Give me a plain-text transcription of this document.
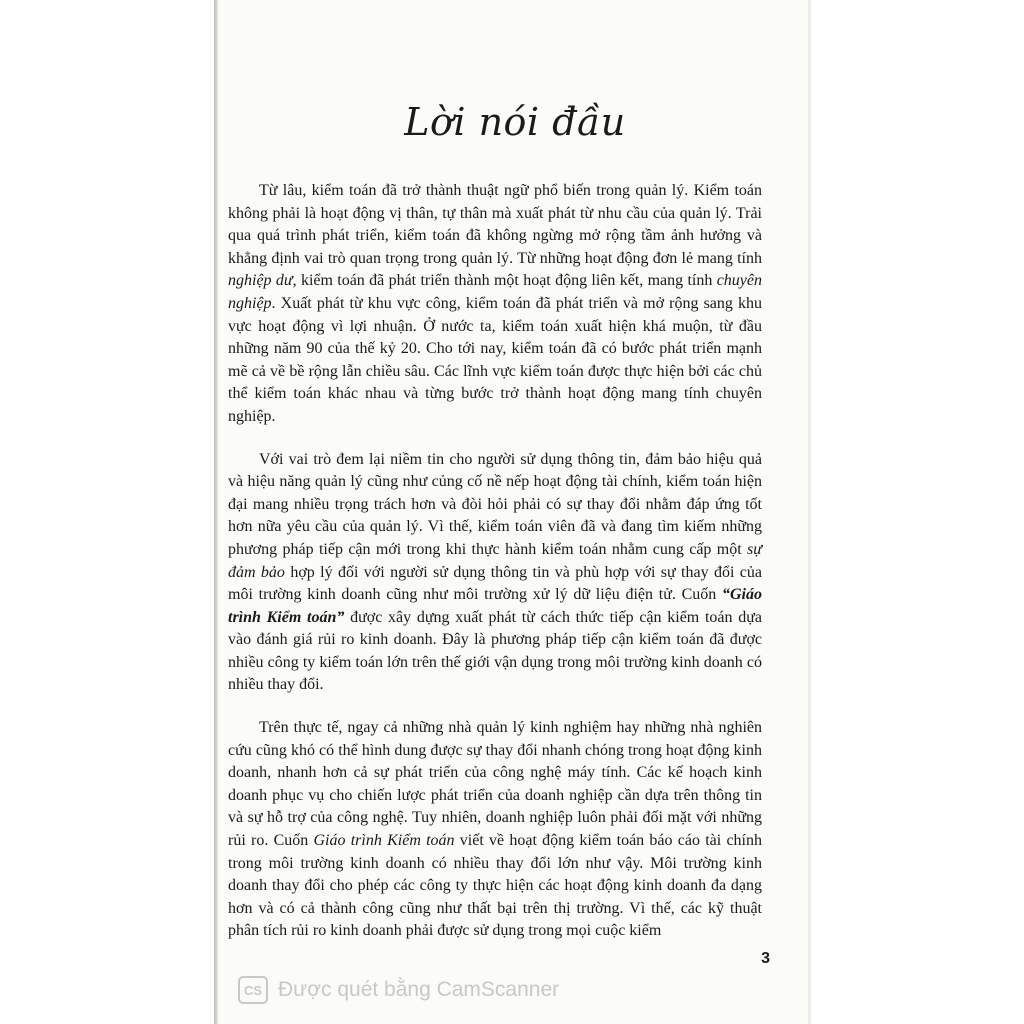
Lời nói đầu

Từ lâu, kiểm toán đã trở thành thuật ngữ phổ biến trong quản lý. Kiểm toán không phải là hoạt động vị thân, tự thân mà xuất phát từ nhu cầu của quản lý. Trải qua quá trình phát triển, kiểm toán đã không ngừng mở rộng tầm ảnh hưởng và khẳng định vai trò quan trọng trong quản lý. Từ những hoạt động đơn lẻ mang tính nghiệp dư, kiểm toán đã phát triển thành một hoạt động liên kết, mang tính chuyên nghiệp. Xuất phát từ khu vực công, kiểm toán đã phát triển và mở rộng sang khu vực hoạt động vì lợi nhuận. Ở nước ta, kiểm toán xuất hiện khá muộn, từ đầu những năm 90 của thế kỷ 20. Cho tới nay, kiểm toán đã có bước phát triển mạnh mẽ cả về bề rộng lẫn chiều sâu. Các lĩnh vực kiểm toán được thực hiện bởi các chủ thể kiểm toán khác nhau và từng bước trở thành hoạt động mang tính chuyên nghiệp.

Với vai trò đem lại niềm tin cho người sử dụng thông tin, đảm bảo hiệu quả và hiệu năng quản lý cũng như củng cố nề nếp hoạt động tài chính, kiểm toán hiện đại mang nhiều trọng trách hơn và đòi hỏi phải có sự thay đổi nhằm đáp ứng tốt hơn nữa yêu cầu của quản lý. Vì thế, kiểm toán viên đã và đang tìm kiếm những phương pháp tiếp cận mới trong khi thực hành kiểm toán nhằm cung cấp một sự đảm bảo hợp lý đối với người sử dụng thông tin và phù hợp với sự thay đổi của môi trường kinh doanh cũng như môi trường xử lý dữ liệu điện tử. Cuốn “Giáo trình Kiểm toán” được xây dựng xuất phát từ cách thức tiếp cận kiểm toán dựa vào đánh giá rủi ro kinh doanh. Đây là phương pháp tiếp cận kiểm toán đã được nhiều công ty kiểm toán lớn trên thế giới vận dụng trong môi trường kinh doanh có nhiều thay đổi.

Trên thực tế, ngay cả những nhà quản lý kinh nghiệm hay những nhà nghiên cứu cũng khó có thể hình dung được sự thay đổi nhanh chóng trong hoạt động kinh doanh, nhanh hơn cả sự phát triển của công nghệ máy tính. Các kế hoạch kinh doanh phục vụ cho chiến lược phát triển của doanh nghiệp cần dựa trên thông tin và sự hỗ trợ của công nghệ. Tuy nhiên, doanh nghiệp luôn phải đối mặt với những rủi ro. Cuốn Giáo trình Kiểm toán viết về hoạt động kiểm toán báo cáo tài chính trong môi trường kinh doanh có nhiều thay đổi lớn như vậy. Môi trường kinh doanh thay đổi cho phép các công ty thực hiện các hoạt động kinh doanh đa dạng hơn và có cả thành công cũng như thất bại trên thị trường. Vì thế, các kỹ thuật phân tích rủi ro kinh doanh phải được sử dụng trong mọi cuộc kiểm

3
CS Được quét bằng CamScanner
